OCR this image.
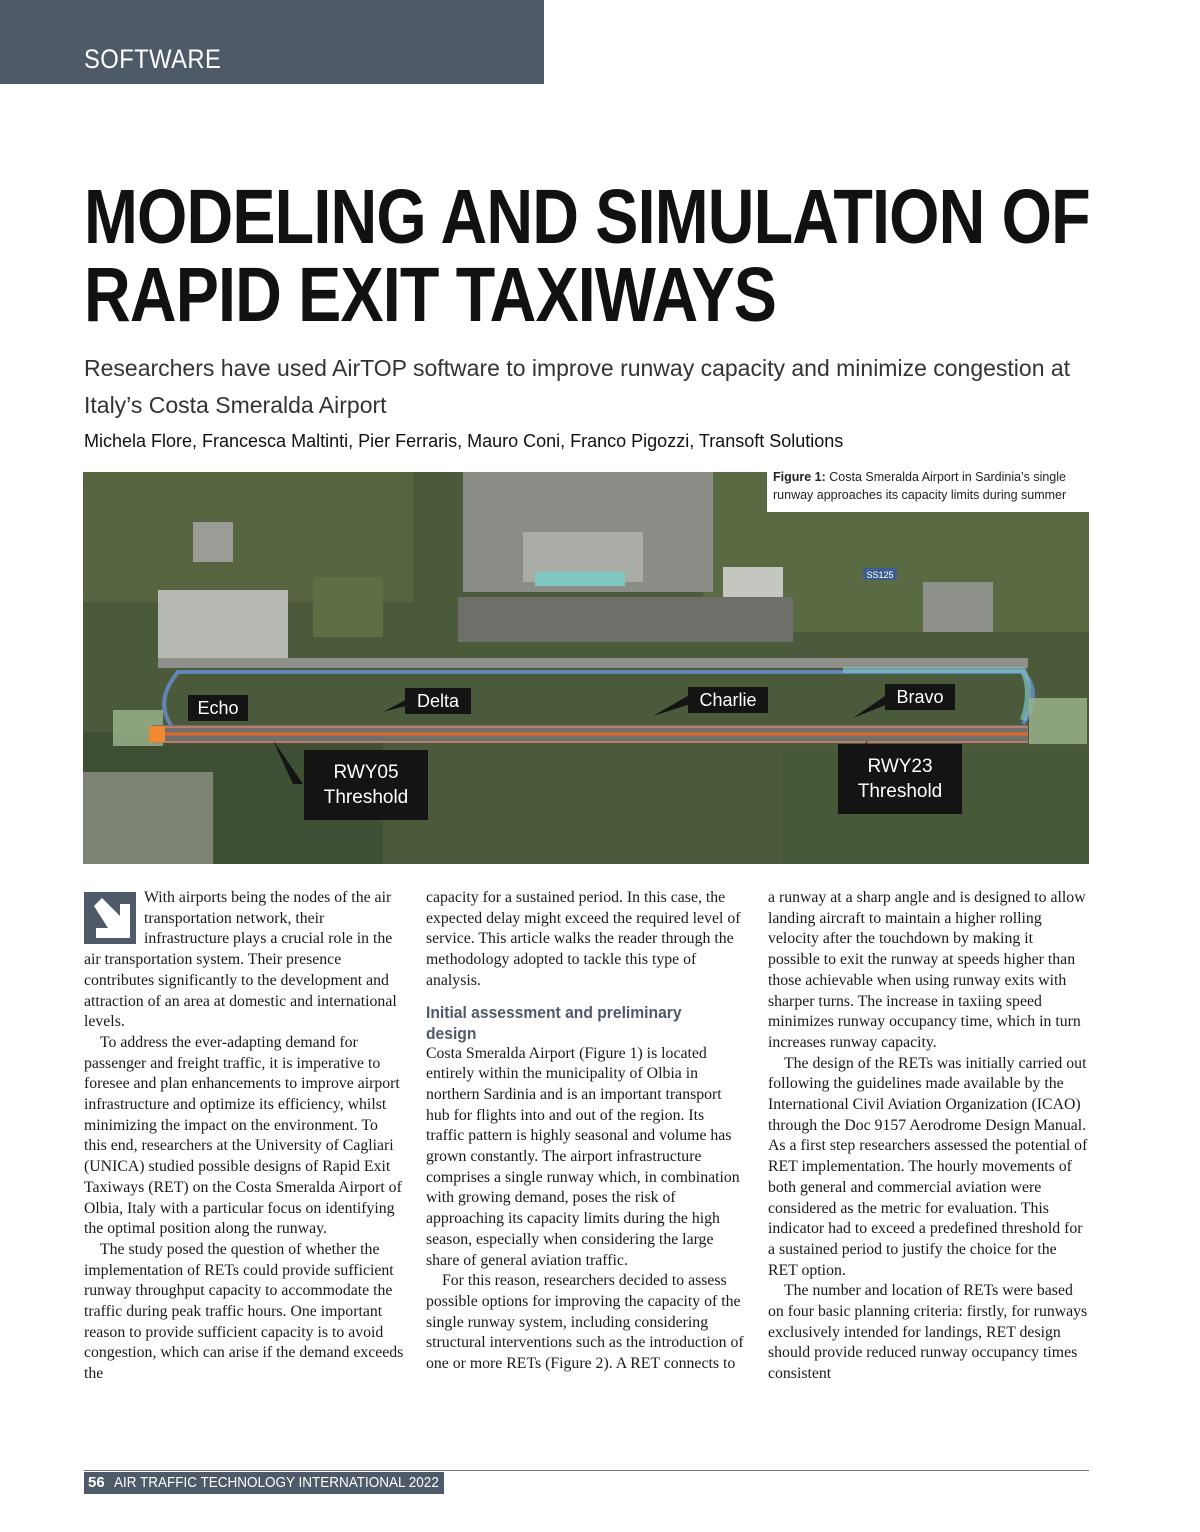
SOFTWARE
MODELING AND SIMULATION OF
RAPID EXIT TAXIWAYS
Researchers have used AirTOP software to improve runway capacity and minimize congestion at Italy’s Costa Smeralda Airport
Michela Flore, Francesca Maltinti, Pier Ferraris, Mauro Coni, Franco Pigozzi, Transoft Solutions
SS125
Echo	Delta	Charlie	Bravo
RWY05
Threshold
RWY23
Threshold
Figure 1: Costa Smeralda Airport in Sardinia’s single runway approaches its capacity limits during summer

With airports being the nodes of the air transportation network, their infrastructure plays a crucial role in the air transportation system. Their presence contributes significantly to the development and attraction of an area at domestic and international levels.

To address the ever-adapting demand for passenger and freight traffic, it is imperative to foresee and plan enhancements to improve airport infrastructure and optimize its efficiency, whilst minimizing the impact on the environment. To this end, researchers at the University of Cagliari (UNICA) studied possible designs of Rapid Exit Taxiways (RET) on the Costa Smeralda Airport of Olbia, Italy with a particular focus on identifying the optimal position along the runway.

The study posed the question of whether the implementation of RETs could provide sufficient runway throughput capacity to accommodate the traffic during peak traffic hours. One important reason to provide sufficient capacity is to avoid congestion, which can arise if the demand exceeds the

capacity for a sustained period. In this case, the expected delay might exceed the required level of service. This article walks the reader through the methodology adopted to tackle this type of analysis.

Initial assessment and preliminary design

Costa Smeralda Airport (Figure 1) is located entirely within the municipality of Olbia in northern Sardinia and is an important transport hub for flights into and out of the region. Its traffic pattern is highly seasonal and volume has grown constantly. The airport infrastructure comprises a single runway which, in combination with growing demand, poses the risk of approaching its capacity limits during the high season, especially when considering the large share of general aviation traffic.

For this reason, researchers decided to assess possible options for improving the capacity of the single runway system, including considering structural interventions such as the introduction of one or more RETs (Figure 2). A RET connects to

a runway at a sharp angle and is designed to allow landing aircraft to maintain a higher rolling velocity after the touchdown by making it possible to exit the runway at speeds higher than those achievable when using runway exits with sharper turns. The increase in taxiing speed minimizes runway occupancy time, which in turn increases runway capacity.

The design of the RETs was initially carried out following the guidelines made available by the International Civil Aviation Organization (ICAO) through the Doc 9157 Aerodrome Design Manual. As a first step researchers assessed the potential of RET implementation. The hourly movements of both general and commercial aviation were considered as the metric for evaluation. This indicator had to exceed a predefined threshold for a sustained period to justify the choice for the RET option.

The number and location of RETs were based on four basic planning criteria: firstly, for runways exclusively intended for landings, RET design should provide reduced runway occupancy times consistent

56 AIR TRAFFIC TECHNOLOGY INTERNATIONAL 2022
